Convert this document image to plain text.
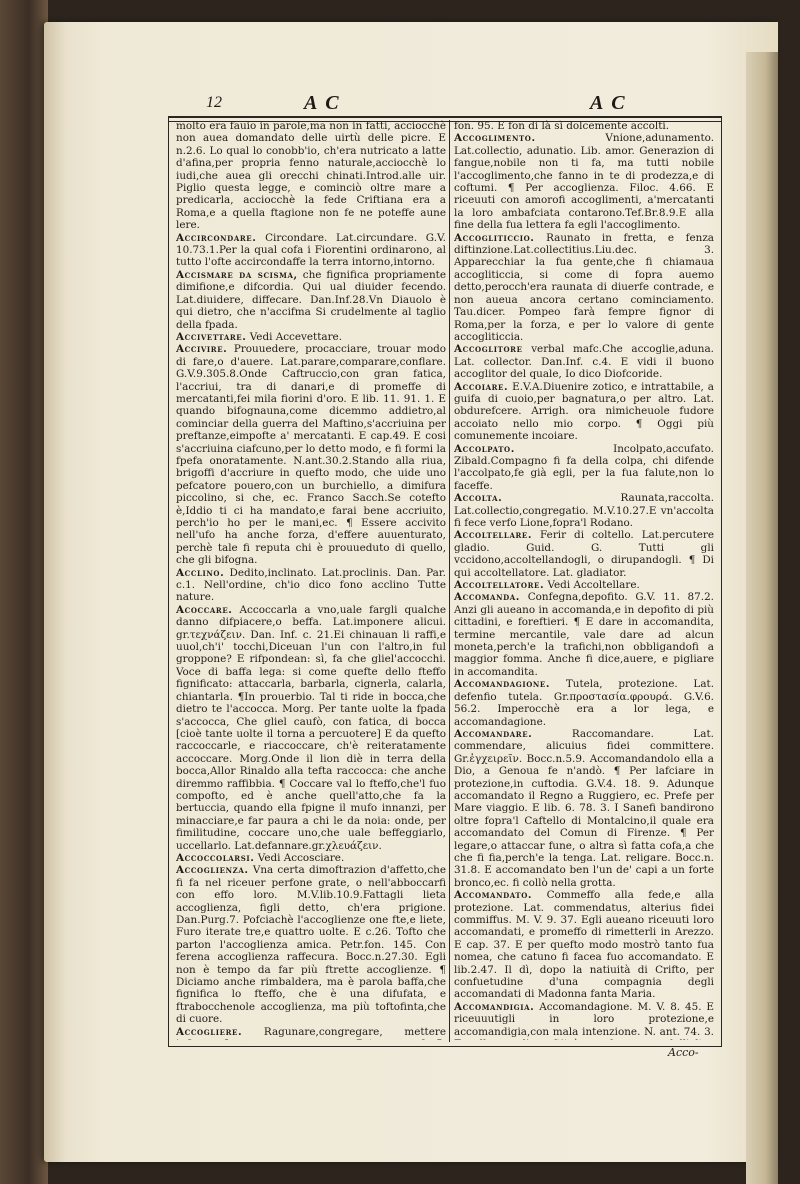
12	A C	A C

molto era fauio in parole,ma non in fatti, acciocchè non auea domandato delle uirtù delle picre. E n.2.6. Lo qual lo conobb'io, ch'era nutricato a latte d'afina,per propria fenno naturale,acciocchè lo iudi,che auea gli orecchi chinati.Introd.alle uir. Piglio questa legge, e cominciò oltre mare a predicarla, acciocchè la fede Criftiana era a Roma,e a quella ftagione non fe ne poteffe aune lere.

Accircondare. Circondare. Lat.circundare. G.V. 10.73.1.Per la qual cofa i Fiorentini ordinarono, al tutto l'ofte accircondaffe la terra intorno,intorno.

Accismare da scisma, che fignifica propriamente dimifione,e difcordia. Qui ual diuider fecendo. Lat.diuidere, diffecare. Dan.Inf.28.Vn Diauolo è qui dietro, che n'accifma Si crudelmente al taglio della fpada.

Accivettare. Vedi Accevettare.

Accivire. Prouuedere, procacciare, trouar modo di fare,o d'auere. Lat.parare,comparare,conflare. G.V.9.305.8.Onde Caftruccio,con gran fatica, l'accriui, tra di danari,e di promeffe di mercatanti,fei mila fiorini d'oro. E lib. 11. 91. 1. E quando bifognauna,come dicemmo addietro,al cominciar della guerra del Maftino,s'accriuina per preftanze,eimpofte a' mercatanti. E cap.49. E cosi s'accriuina ciafcuno,per lo detto modo, e fi formi la fpefa onoratamente. N.ant.30.2.Stando alla riua, brigoffi d'accriure in quefto modo, che uide uno pefcatore pouero,con un burchiello, a dimifura piccolino, si che, ec. Franco Sacch.Se cotefto è,Iddio ti ci ha mandato,e farai bene accriuito, perch'io ho per le mani,ec. ¶ Essere accivito nell'ufo ha anche forza, d'effere auuenturato, perchè tale fi reputa chi è prouueduto di quello, che gli bifogna.

Acclino. Dedito,inclinato. Lat.proclinis. Dan. Par. c.1. Nell'ordine, ch'io dico fono acclino Tutte nature.

Acoccare. Accoccarla a vno,uale fargli qualche danno difpiacere,o beffa. Lat.imponere alicui. gr.τεχνάζειν. Dan. Inf. c. 21.Ei chinauan li raffi,e uuol,ch'i' tocchi,Diceuan l'un con l'altro,in ful groppone? E rifpondean: sì, fa che gliel'accocchi. Voce di baffa lega: si come quefte dello fteffo fignificato: attaccarla, barbarla, cignerla, calarla, chiantarla. ¶In prouerbio. Tal ti ride in bocca,che dietro te l'accocca. Morg. Per tante uolte la fpada s'accocca, Che gliel caufò, con fatica, di bocca [cioè tante uolte il torna a percuotere] E da quefto raccoccarle, e riaccoccare, ch'è reiteratamente accoccare. Morg.Onde il lion diè in terra della bocca,Allor Rinaldo alla tefta raccocca: che anche diremmo raffibbia. ¶ Coccare val lo fteffo,che'l fuo compofto, ed è anche quell'atto,che fa la bertuccia, quando ella fpigne il mufo innanzi, per minacciare,e far paura a chi le da noia: onde, per fimilitudine, coccare uno,che uale beffeggiarlo, uccellarlo. Lat.defannare.gr.χλευάζειν.

Accoccolarsi. Vedi Accosciare.

Accoglienza. Vna certa dimoftrazion d'affetto,che fi fa nel riceuer perfone grate, o nell'abboccarfi con effo loro. M.V.lib.10.9.Fattagli lieta accoglienza, figli detto, ch'era prigione. Dan.Purg.7. Pofciachè l'accoglienze one fte,e liete, Furo iterate tre,e quattro uolte. E c.26. Tofto che parton l'accoglienza amica. Petr.fon. 145. Con ferena accoglienza raffecura. Bocc.n.27.30. Egli non è tempo da far più ftrette accoglienze. ¶ Diciamo anche rimbaldera, ma è parola baffa,che fignifica lo fteffo, che è una difufata, e ftrabocchenole accoglienza, ma più toftofinta,che di cuore.

Accogliere. Ragunare,congregare, mettere

fon. 95. E fon di là sì dolcemente accolti.

Accoglimento.	Vnione,adunamento. Lat.collectio, adunatio. Lib. amor. Generazion di fangue,nobile non ti fa, ma tutti nobile l'accoglimento,che fanno in te di prodezza,e di coftumi. ¶ Per accoglienza. Filoc. 4.66. E riceuuti con amorofi accoglimenti, a'mercatanti la loro ambafciata contarono.Tef.Br.8.9.E alla fine della fua lettera fa egli l'accoglimento.

Accogliticcio. Raunato in fretta, e fenza diftinzione.Lat.collectitius.Liu.dec. 3. Apparecchiar la fua gente,che fi chiamaua accogliticcia, si come di fopra auemo detto,perocch'era raunata di diuerfe contrade, e non aueua ancora certano cominciamento. Tau.dicer. Pompeo farà fempre fignor di Roma,per la forza, e per lo valore di gente accogliticcia.

Accoglitore verbal mafc.Che accoglie,aduna. Lat. collector. Dan.Inf. c.4. E vidi il buono accoglitor del quale, Io dico Diofcoride.

Accoiare. E.V.A.Diuenire zotico, e intrattabile, a guifa di cuoio,per bagnatura,o per altro. Lat. obdurefcere. Arrigh. ora nimicheuole fudore accoiato nello mio corpo. ¶ Oggi più comunemente incoiare.

Accolpato.	Incolpato,accufato. Zibald.Compagno fi fa della colpa, chi difende l'accolpato,fe già egli, per la fua falute,non lo faceffe.

Accolta.	Raunata,raccolta. Lat.collectio,congregatio. M.V.10.27.E vn'accolta fi fece verfo Lione,fopra'l Rodano.

Accoltellare. Ferir di coltello. Lat.percutere gladio. Guid. G. Tutti gli vccidono,accoltellandogli, o dirupandogli. ¶ Di qui accoltellatore. Lat. gladiator.

Accoltellatore. Vedi Accoltellare.

Accomanda. Confegna,depofito. G.V. 11. 87.2. Anzi gli aueano in accomanda,e in depofito di più cittadini, e foreftieri. ¶ E dare in accomandita, termine mercantile, vale dare ad alcun moneta,perch'e la trafichi,non obbligandofi a maggior fomma. Anche fi dice,auere, e pigliare in accomandita.

Accomandagione. Tutela, protezione. Lat. defenfio tutela. Gr.προστασία.φρουρά. G.V.6. 56.2. Imperocchè era a lor lega, e accomandagione.

Accomandare.	Raccomandare. Lat. commendare, alicuius fidei committere. Gr.ἐγχειρεῖν. Bocc.n.5.9. Accomandandolo ella a Dio, a Genoua fe n'andò. ¶ Per lafciare in protezione,in cuftodia. G.V.4. 18. 9. Adunque accomandato il Regno a Ruggiero, ec. Prefe per Mare viaggio. E lib. 6. 78. 3. I Sanefi bandirono oltre fopra'l Caftello di Montalcino,il quale era accomandato del Comun di Firenze. ¶ Per legare,o attaccar fune, o altra sì fatta cofa,a che che fi fia,perch'e la tenga. Lat. religare. Bocc.n. 31.8. E accomandato ben l'un de' capi a un forte bronco,ec. fi collò nella grotta.

Accomandato. Commeffo alla fede,e alla protezione. Lat. commendatus, alterius fidei commiffus. M. V. 9. 37. Egli aueano riceuuti loro accomandati, e promeffo di rimetterli in Arezzo. E cap. 37. E per quefto modo mostrò tanto fua nomea, che catuno fi facea fuo accomandato. E lib.2.47. Il dì, dopo la natiuità di Crifto, per confuetudine d'una compagnia degli accomandati di Madonna fanta Maria.

Accomandigia. Accomandagione. M. V. 8. 45. E riceuuutigli in loro protezione,e accomandigia,con mala intenzione. N. ant. 74. 3.

Acco-
